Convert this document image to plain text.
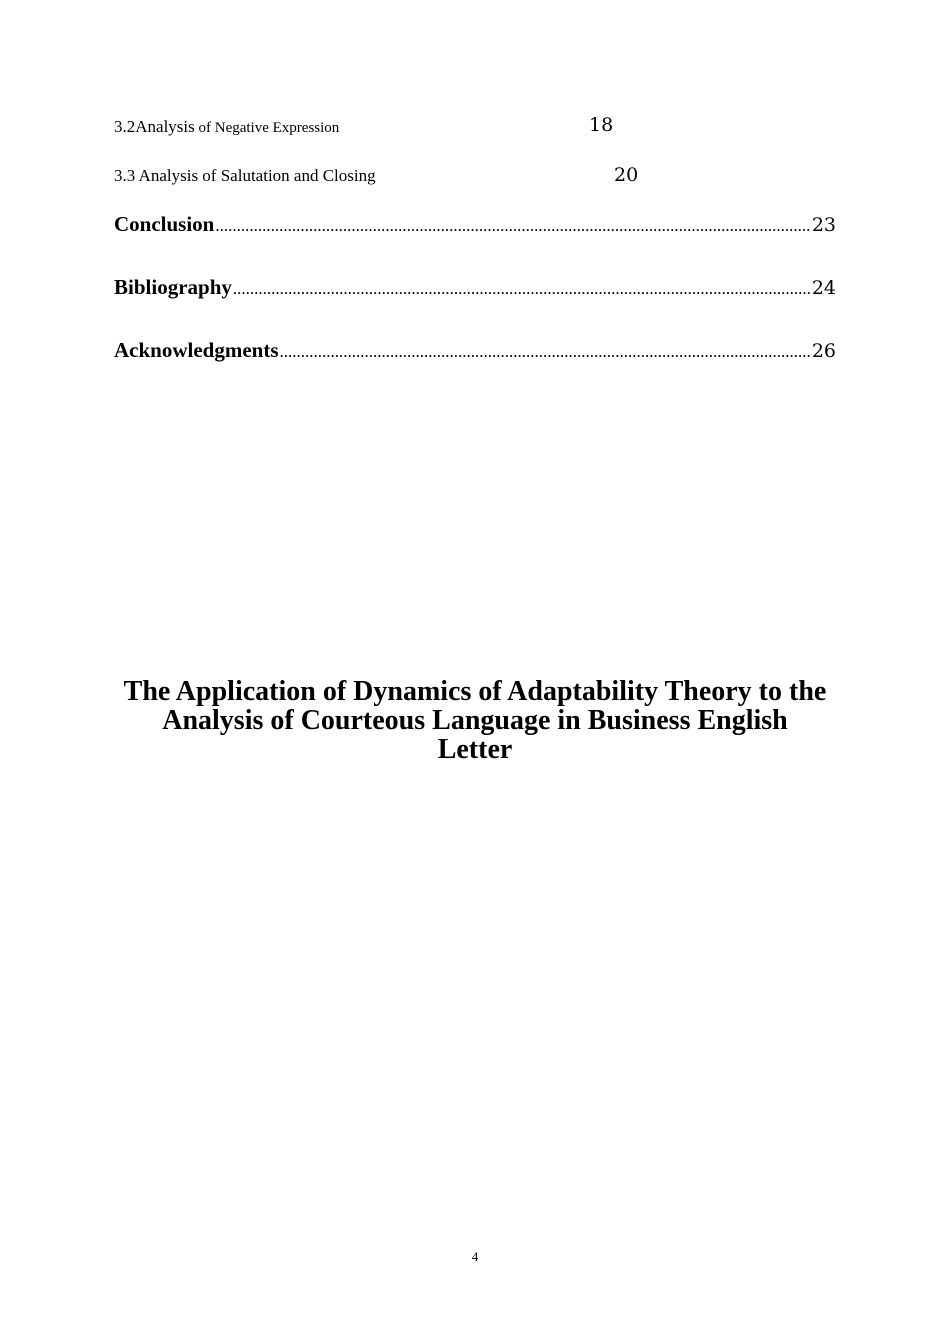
3.2Analysis of Negative Expression	18
3.3 Analysis of Salutation and Closing	20
Conclusion .....	23
Bibliography .....	24
Acknowledgments .....	26
The Application of Dynamics of Adaptability Theory to the
Analysis of Courteous Language in Business English
Letter
4
